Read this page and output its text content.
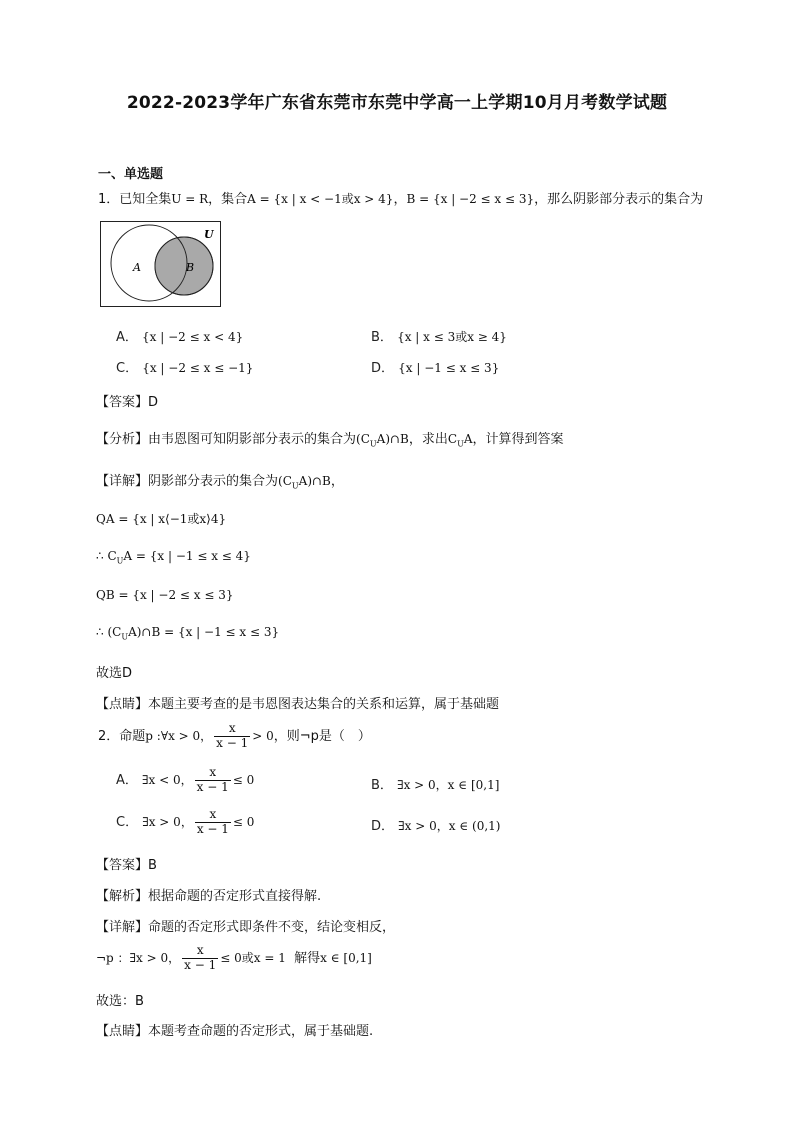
2022-2023学年广东省东莞市东莞中学高一上学期10月月考数学试题
一、单选题
1．已知全集U = R，集合A = {x | x < −1或x > 4}，B = {x | −2 ≤ x ≤ 3}，那么阴影部分表示的集合为
U
A	B
A． {x | −2 ≤ x < 4}	B． {x | x ≤ 3或x ≥ 4}
C． {x | −2 ≤ x ≤ −1}	D． {x | −1 ≤ x ≤ 3}
【答案】D
【分析】由韦恩图可知阴影部分表示的集合为$(C_UA)\cap B$，求出$C_UA$，计算得到答案
【详解】阴影部分表示的集合为$(C_UA)\cap B$，
QA = {x | x⟨−1或x⟩4}
∴ $C_UA = \{x$ | −1 ≤ x ≤ 4}
QB = {x | −2 ≤ x ≤ 3}
∴ $(C_UA)\cap B = \{x$ | −1 ≤ x ≤ 3}
故选D
【点睛】本题主要考查的是韦恩图表达集合的关系和运算，属于基础题
2．命题p :∀x > 0， $\frac{x}{x - 1} > 0$，则¬p是（　）
A． ∃x < 0， $\frac{x}{x - 1} \le 0$	B． ∃x > 0，x ∈ [0,1]
C． ∃x > 0， $\frac{x}{x - 1} \le 0$	D． ∃x > 0，x ∈ (0,1)
【答案】B
【解析】根据命题的否定形式直接得解.
【详解】命题的否定形式即条件不变，结论变相反，
¬p ：∃x > 0， $\frac{x}{x - 1} \le 0$或x = 1 解得x ∈ [0,1]
故选：B
【点睛】本题考查命题的否定形式，属于基础题.
